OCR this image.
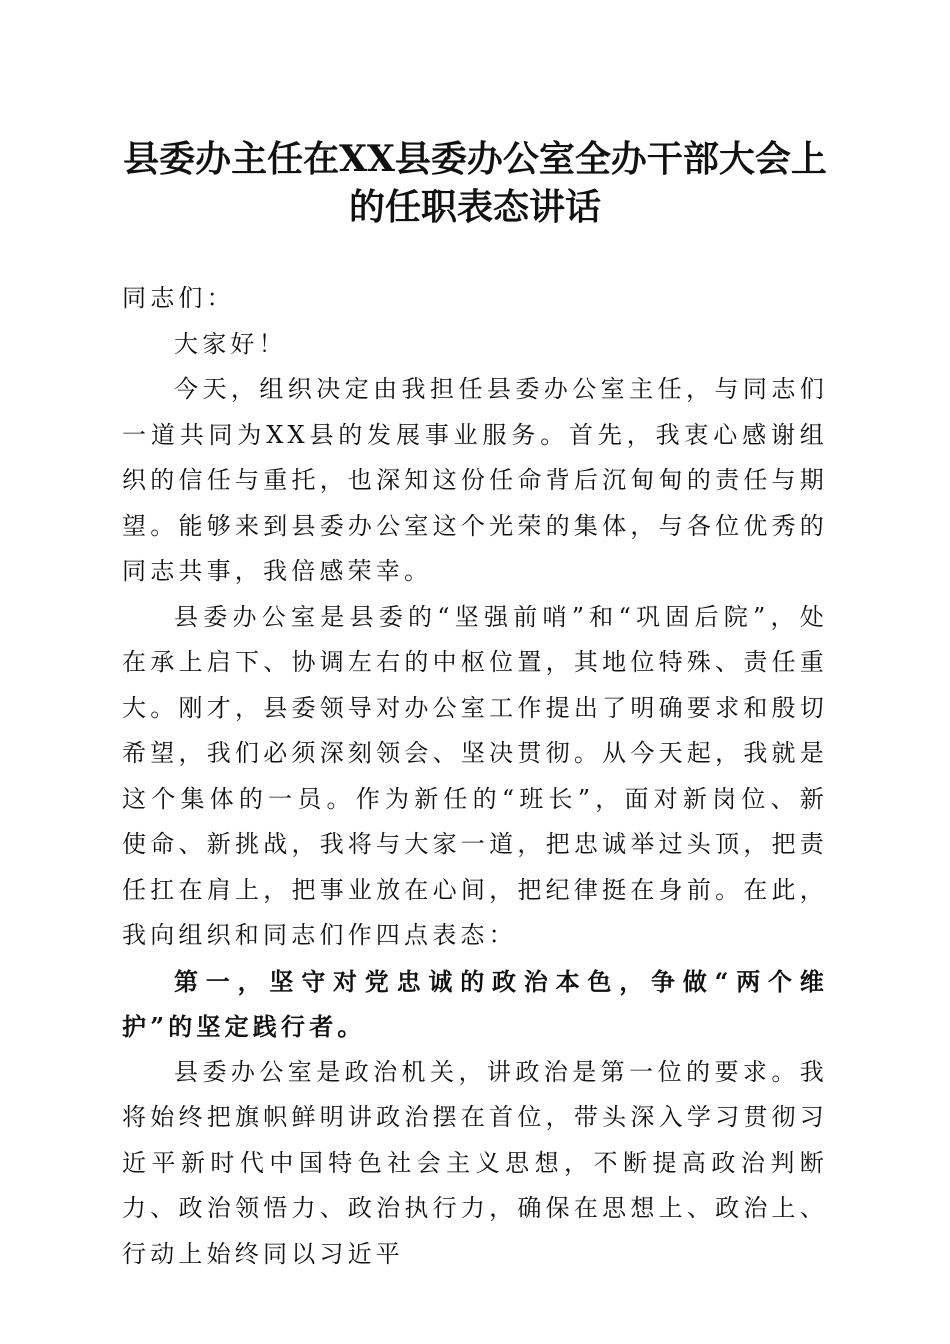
县委办主任在XX县委办公室全办干部大会上
的任职表态讲话

同志们：

大家好！

今天，组织决定由我担任县委办公室主任，与同志们一道共同为XX县的发展事业服务。首先，我衷心感谢组织的信任与重托，也深知这份任命背后沉甸甸的责任与期望。能够来到县委办公室这个光荣的集体，与各位优秀的同志共事，我倍感荣幸。

县委办公室是县委的“坚强前哨”和“巩固后院”，处在承上启下、协调左右的中枢位置，其地位特殊、责任重大。刚才，县委领导对办公室工作提出了明确要求和殷切希望，我们必须深刻领会、坚决贯彻。从今天起，我就是这个集体的一员。作为新任的“班长”，面对新岗位、新使命、新挑战，我将与大家一道，把忠诚举过头顶，把责任扛在肩上，把事业放在心间，把纪律挺在身前。在此，我向组织和同志们作四点表态：

第一，坚守对党忠诚的政治本色，争做“两个维护”的坚定践行者。

县委办公室是政治机关，讲政治是第一位的要求。我将始终把旗帜鲜明讲政治摆在首位，带头深入学习贯彻习近平新时代中国特色社会主义思想，不断提高政治判断力、政治领悟力、政治执行力，确保在思想上、政治上、行动上始终同以习近平
